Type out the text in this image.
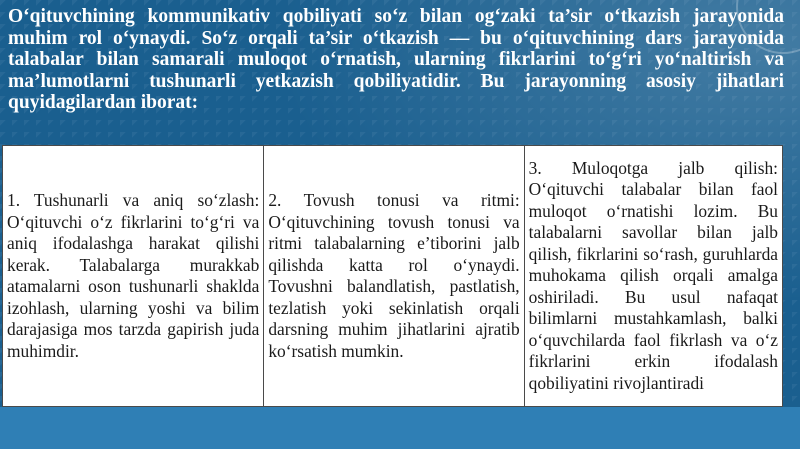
O‘qituvchining kommunikativ qobiliyati so‘z bilan og‘zaki ta’sir o‘tkazish jarayonida muhim rol o‘ynaydi. So‘z orqali ta’sir o‘tkazish — bu o‘qituvchining dars jarayonida talabalar bilan samarali muloqot o‘rnatish, ularning fikrlarini to‘g‘ri yo‘naltirish va ma’lumotlarni tushunarli yetkazish qobiliyatidir. Bu jarayonning asosiy jihatlari quyidagilardan iborat:

1. Tushunarli va aniq so‘zlash: O‘qituvchi o‘z fikrlarini to‘g‘ri va aniq ifodalashga harakat qilishi kerak. Talabalarga murakkab atamalarni oson tushunarli shaklda izohlash, ularning yoshi va bilim darajasiga mos tarzda gapirish juda muhimdir.
2. Tovush tonusi va ritmi: O‘qituvchining tovush tonusi va ritmi talabalarning e’tiborini jalb qilishda katta rol o‘ynaydi. Tovushni balandlatish, pastlatish, tezlatish yoki sekinlatish orqali darsning muhim jihatlarini ajratib ko‘rsatish mumkin.
3. Muloqotga jalb qilish: O‘qituvchi talabalar bilan faol muloqot o‘rnatishi lozim. Bu talabalarni savollar bilan jalb qilish, fikrlarini so‘rash, guruhlarda muhokama qilish orqali amalga oshiriladi. Bu usul nafaqat bilimlarni mustahkamlash, balki o‘quvchilarda faol fikrlash va o‘z fikrlarini erkin ifodalash qobiliyatini rivojlantiradi
